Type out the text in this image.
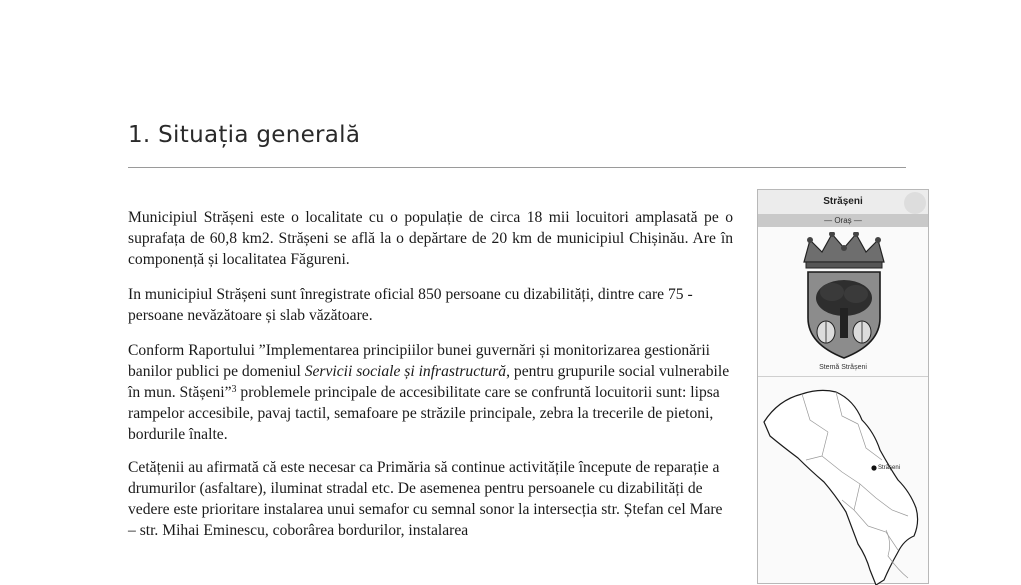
1. Situația generală

Municipiul Strășeni este o localitate cu o populație de circa 18 mii locuitori amplasată pe o suprafața de 60,8 km2. Strășeni se află la o depărtare de 20 km de municipiul Chișinău. Are în componență și localitatea Făgureni.

In municipiul Strășeni sunt înregistrate oficial 850 persoane cu dizabilități, dintre care 75 - persoane nevăzătoare și slab văzătoare.

Conform Raportului ”Implementarea principiilor bunei guvernări și monitorizarea gestionării banilor publici pe domeniul Servicii sociale și infrastructură, pentru grupurile social vulnerabile în mun. Stășeni”$^3$ problemele principale de accesibilitate care se confruntă locuitorii sunt: lipsa rampelor accesibile, pavaj tactil, semafoare pe străzile principale, zebra la trecerile de pietoni, bordurile înalte.

Cetățenii au afirmată că este necesar ca Primăria să continue activitățile începute de reparație a drumurilor (asfaltare), iluminat stradal etc. De asemenea pentru persoanele cu dizabilități de vedere este prioritare instalarea unui semafor cu semnal sonor la intersecția str. Ștefan cel Mare – str. Mihai Eminescu, coborârea bordurilor, instalarea

Strășeni
— Oraș —
Stemă Strășeni
Strășeni
